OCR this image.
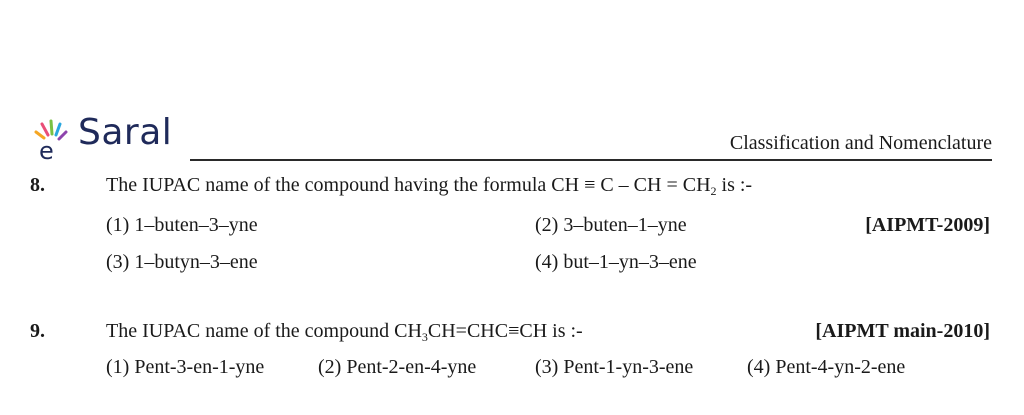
e Saral	Classification and Nomenclature
8.	The IUPAC name of the compound having the formula CH ≡ C – CH = $CH_2$ is :-
(1) 1–buten–3–yne	(2) 3–buten–1–yne	[AIPMT-2009]
(3) 1–butyn–3–ene	(4) but–1–yn–3–ene
9.	The IUPAC name of the compound $CH_3CH=CHC\equiv CH$ is :-	[AIPMT main-2010]
(1) Pent-3-en-1-yne	(2) Pent-2-en-4-yne	(3) Pent-1-yn-3-ene	(4) Pent-4-yn-2-ene
